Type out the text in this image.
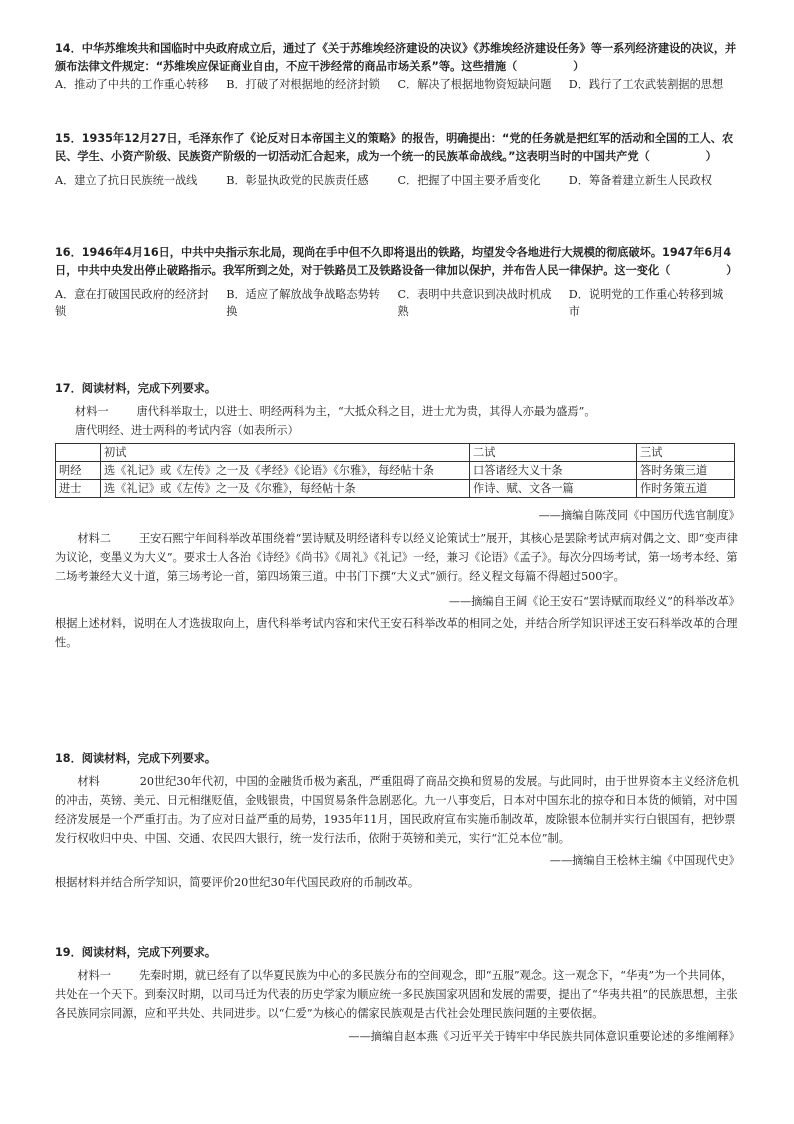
14．中华苏维埃共和国临时中央政府成立后，通过了《关于苏维埃经济建设的决议》《苏维埃经济建设任务》等一系列经济建设的决议，并颁布法律文件规定：“苏维埃应保证商业自由，不应干涉经常的商品市场关系”等。这些措施（　　　　　）

A．推动了中共的工作重心转移	B．打破了对根据地的经济封锁	C．解决了根据地物资短缺问题	D．践行了工农武装割据的思想

15．1935年12月27日，毛泽东作了《论反对日本帝国主义的策略》的报告，明确提出：“党的任务就是把红军的活动和全国的工人、农民、学生、小资产阶级、民族资产阶级的一切活动汇合起来，成为一个统一的民族革命战线。”这表明当时的中国共产党（　　　　　）

A．建立了抗日民族统一战线	B．彰显执政党的民族责任感	C．把握了中国主要矛盾变化	D．筹备着建立新生人民政权

16．1946年4月16日，中共中央指示东北局，现尚在手中但不久即将退出的铁路，均望发令各地进行大规模的彻底破坏。1947年6月4日，中共中央发出停止破路指示。我军所到之处，对于铁路员工及铁路设备一律加以保护，并布告人民一律保护。这一变化（　　　　　）

A．意在打破国民政府的经济封锁
B．适应了解放战争战略态势转换
C．表明中共意识到决战时机成熟
D．说明党的工作重心转移到城市

17．阅读材料，完成下列要求。

材料一	唐代科举取士，以进士、明经两科为主，“大抵众科之目，进士尤为贵，其得人亦最为盛焉”。

唐代明经、进士两科的考试内容（如表所示）

	初试	二试	三试
明经	选《礼记》或《左传》之一及《孝经》《论语》《尔雅》，每经帖十条	口答诸经大义十条	答时务策三道
进士	选《礼记》或《左传》之一及《尔雅》，每经帖十条	作诗、赋、文各一篇	作时务策五道

——摘编自陈茂同《中国历代选官制度》

材料二	王安石熙宁年间科举改革围绕着“罢诗赋及明经诸科专以经义论策试士”展开，其核心是罢除考试声病对偶之文、即“变声律为议论，变墨义为大义”。要求士人各治《诗经》《尚书》《周礼》《礼记》一经，兼习《论语》《孟子》。每次分四场考试，第一场考本经、第二场考兼经大义十道，第三场考论一首，第四场策三道。中书门下撰“大义式”颁行。经义程文每篇不得超过500字。

——摘编自王阔《论王安石“罢诗赋而取经义”的科举改革》

根据上述材料，说明在人才选拔取向上，唐代科举考试内容和宋代王安石科举改革的相同之处，并结合所学知识评述王安石科举改革的合理性。

18．阅读材料，完成下列要求。

材料	20世纪30年代初，中国的金融货币极为紊乱，严重阻碍了商品交换和贸易的发展。与此同时，由于世界资本主义经济危机的冲击，英镑、美元、日元相继贬值，金贱银贵，中国贸易条件急剧恶化。九一八事变后，日本对中国东北的掠夺和日本货的倾销，对中国经济发展是一个严重打击。为了应对日益严重的局势，1935年11月，国民政府宣布实施币制改革，废除银本位制并实行白银国有，把钞票发行权收归中央、中国、交通、农民四大银行，统一发行法币，依附于英镑和美元，实行“汇兑本位”制。

——摘编自王桧林主编《中国现代史》

根据材料并结合所学知识，简要评价20世纪30年代国民政府的币制改革。

19．阅读材料，完成下列要求。

材料一	先秦时期，就已经有了以华夏民族为中心的多民族分布的空间观念，即“五服”观念。这一观念下，“华夷”为一个共同体，共处在一个天下。到秦汉时期，以司马迁为代表的历史学家为顺应统一多民族国家巩固和发展的需要，提出了“华夷共祖”的民族思想，主张各民族同宗同源，应和平共处、共同进步。以“仁爱”为核心的儒家民族观是古代社会处理民族问题的主要依据。

——摘编自赵本燕《习近平关于铸牢中华民族共同体意识重要论述的多维阐释》
